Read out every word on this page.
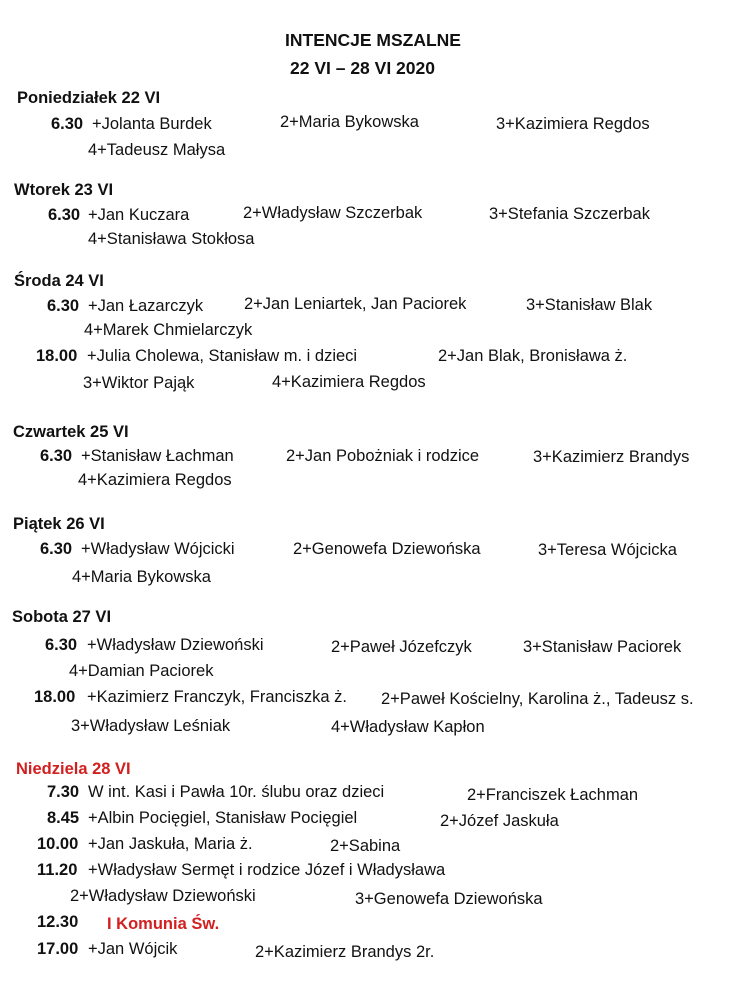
INTENCJE MSZALNE
22 VI – 28 VI 2020
Poniedziałek 22 VI
6.30 +Jolanta Burdek	2+Maria Bykowska	3+Kazimiera Regdos
4+Tadeusz Małysa
Wtorek 23 VI
6.30 +Jan Kuczara	2+Władysław Szczerbak	3+Stefania Szczerbak
4+Stanisława Stokłosa
Środa 24 VI
6.30 +Jan Łazarczyk 2+Jan Leniartek, Jan Paciorek	3+Stanisław Blak
4+Marek Chmielarczyk
18.00 +Julia Cholewa, Stanisław m. i dzieci	2+Jan Blak, Bronisława ż.
3+Wiktor Pająk	4+Kazimiera Regdos
Czwartek 25 VI
6.30 +Stanisław Łachman	2+Jan Pobożniak i rodzice	3+Kazimierz Brandys
4+Kazimiera Regdos
Piątek 26 VI
6.30 +Władysław Wójcicki	2+Genowefa Dziewońska	3+Teresa Wójcicka
4+Maria Bykowska
Sobota 27 VI
6.30 +Władysław Dziewoński	2+Paweł Józefczyk	3+Stanisław Paciorek
4+Damian Paciorek
18.00 +Kazimierz Franczyk, Franciszka ż. 2+Paweł Kościelny, Karolina ż., Tadeusz s.
3+Władysław Leśniak	4+Władysław Kapłon
Niedziela 28 VI
7.30 W int. Kasi i Pawła 10r. ślubu oraz dzieci	2+Franciszek Łachman
8.45 +Albin Pocięgiel, Stanisław Pocięgiel	2+Józef Jaskuła
10.00 +Jan Jaskuła, Maria ż.	2+Sabina
11.20 +Władysław Sermęt i rodzice Józef i Władysława
2+Władysław Dziewoński	3+Genowefa Dziewońska
12.30 I Komunia Św.
17.00 +Jan Wójcik	2+Kazimierz Brandys 2r.
